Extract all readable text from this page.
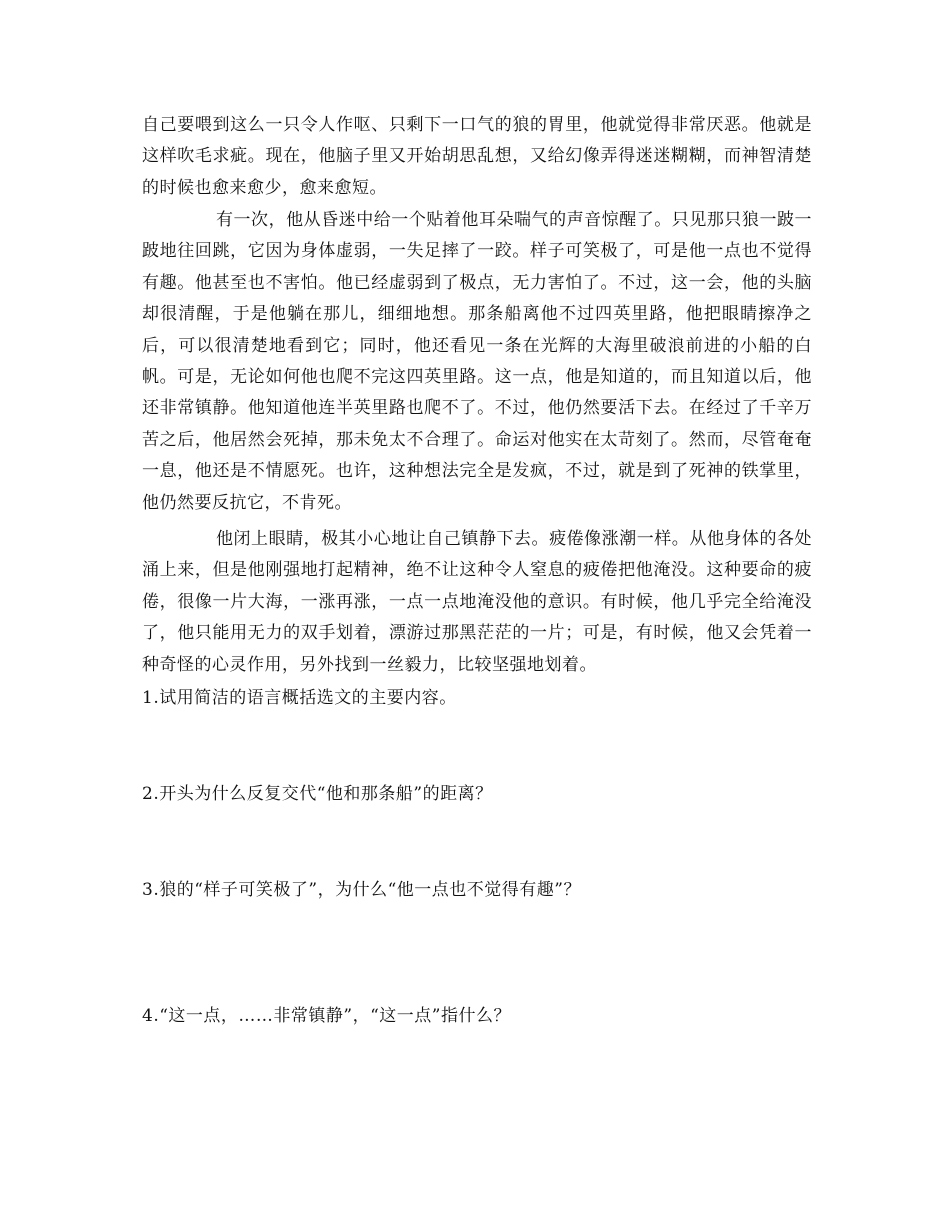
自己要喂到这么一只令人作呕、只剩下一口气的狼的胃里，他就觉得非常厌恶。他就是这样吹毛求疵。现在，他脑子里又开始胡思乱想，又给幻像弄得迷迷糊糊，而神智清楚的时候也愈来愈少，愈来愈短。

有一次，他从昏迷中给一个贴着他耳朵喘气的声音惊醒了。只见那只狼一跛一跛地往回跳，它因为身体虚弱，一失足摔了一跤。样子可笑极了，可是他一点也不觉得有趣。他甚至也不害怕。他已经虚弱到了极点，无力害怕了。不过，这一会，他的头脑却很清醒，于是他躺在那儿，细细地想。那条船离他不过四英里路，他把眼睛擦净之后，可以很清楚地看到它；同时，他还看见一条在光辉的大海里破浪前进的小船的白帆。可是，无论如何他也爬不完这四英里路。这一点，他是知道的，而且知道以后，他还非常镇静。他知道他连半英里路也爬不了。不过，他仍然要活下去。在经过了千辛万苦之后，他居然会死掉，那未免太不合理了。命运对他实在太苛刻了。然而，尽管奄奄一息，他还是不情愿死。也许，这种想法完全是发疯，不过，就是到了死神的铁掌里，他仍然要反抗它，不肯死。

他闭上眼睛，极其小心地让自己镇静下去。疲倦像涨潮一样。从他身体的各处涌上来，但是他刚强地打起精神，绝不让这种令人窒息的疲倦把他淹没。这种要命的疲倦，很像一片大海，一涨再涨，一点一点地淹没他的意识。有时候，他几乎完全给淹没了，他只能用无力的双手划着，漂游过那黑茫茫的一片；可是，有时候，他又会凭着一种奇怪的心灵作用，另外找到一丝毅力，比较坚强地划着。

1.试用简洁的语言概括选文的主要内容。
2.开头为什么反复交代“他和那条船”的距离？
3.狼的“样子可笑极了”，为什么“他一点也不觉得有趣”？
4.“这一点，……非常镇静”，“这一点”指什么？
